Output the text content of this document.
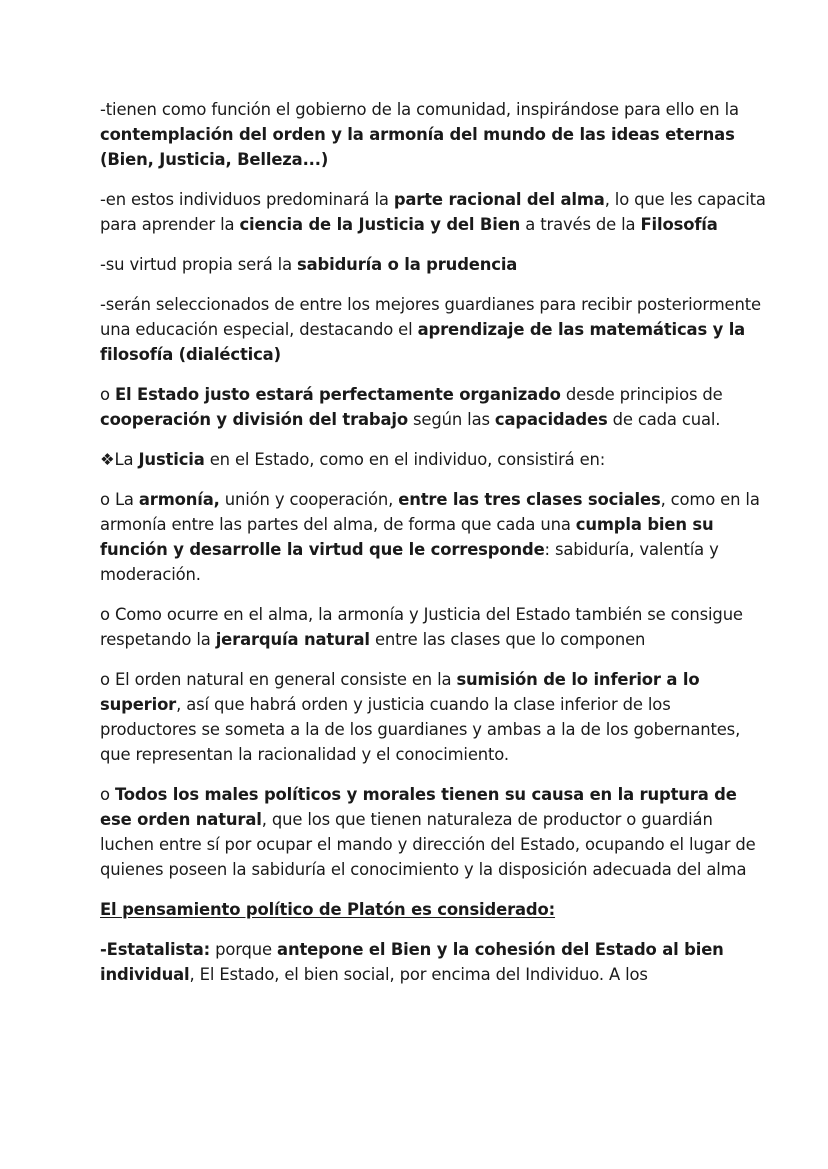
-tienen como función el gobierno de la comunidad, inspirándose para ello en la contemplación del orden y la armonía del mundo de las ideas eternas (Bien, Justicia, Belleza...)

-en estos individuos predominará la parte racional del alma, lo que les capacita para aprender la ciencia de la Justicia y del Bien a través de la Filosofía

-su virtud propia será la sabiduría o la prudencia

-serán seleccionados de entre los mejores guardianes para recibir posteriormente una educación especial, destacando el aprendizaje de las matemáticas y la filosofía (dialéctica)

o El Estado justo estará perfectamente organizado desde principios de cooperación y división del trabajo según las capacidades de cada cual.

❖La Justicia en el Estado, como en el individuo, consistirá en:

o La armonía, unión y cooperación, entre las tres clases sociales, como en la armonía entre las partes del alma, de forma que cada una cumpla bien su función y desarrolle la virtud que le corresponde: sabiduría, valentía y moderación.

o Como ocurre en el alma, la armonía y Justicia del Estado también se consigue respetando la jerarquía natural entre las clases que lo componen

o El orden natural en general consiste en la sumisión de lo inferior a lo superior, así que habrá orden y justicia cuando la clase inferior de los productores se someta a la de los guardianes y ambas a la de los gobernantes, que representan la racionalidad y el conocimiento.

o Todos los males políticos y morales tienen su causa en la ruptura de ese orden natural, que los que tienen naturaleza de productor o guardián luchen entre sí por ocupar el mando y dirección del Estado, ocupando el lugar de quienes poseen la sabiduría el conocimiento y la disposición adecuada del alma

El pensamiento político de Platón es considerado:

-Estatalista: porque antepone el Bien y la cohesión del Estado al bien individual, El Estado, el bien social, por encima del Individuo. A los
